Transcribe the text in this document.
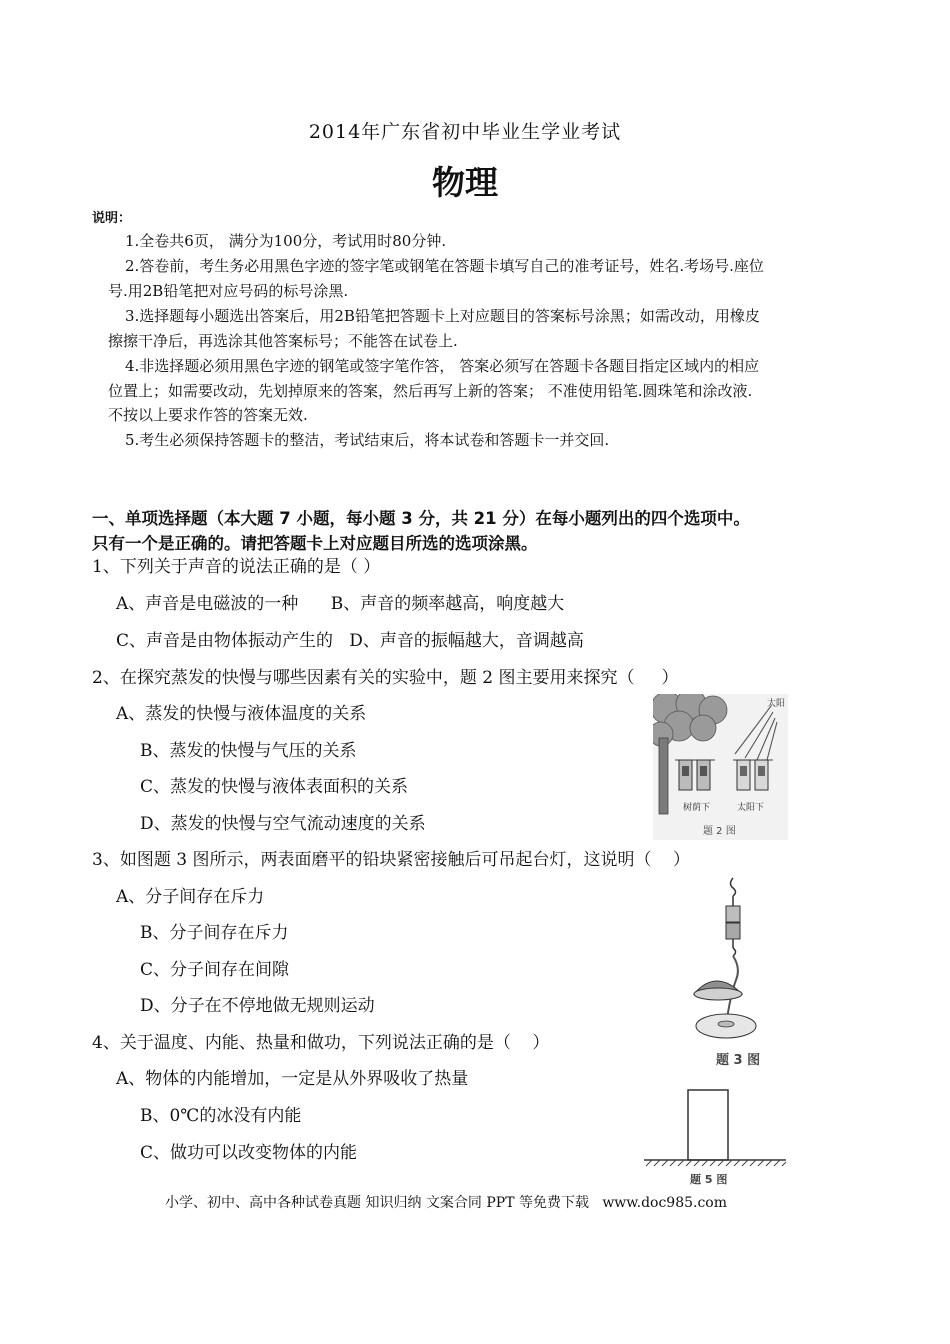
2014年广东省初中毕业生学业考试
物理
说明：
1.全卷共6页， 满分为100分，考试用时80分钟.
2.答卷前，考生务必用黑色字迹的签字笔或钢笔在答题卡填写自己的准考证号，姓名.考场号.座位
号.用2B铅笔把对应号码的标号涂黑.
3.选择题每小题选出答案后，用2B铅笔把答题卡上对应题目的答案标号涂黑；如需改动，用橡皮
擦擦干净后，再选涂其他答案标号；不能答在试卷上.
4.非选择题必须用黑色字迹的钢笔或签字笔作答， 答案必须写在答题卡各题目指定区域内的相应
位置上；如需要改动，先划掉原来的答案，然后再写上新的答案； 不准使用铅笔.圆珠笔和涂改液.
不按以上要求作答的答案无效.
5.考生必须保持答题卡的整洁，考试结束后，将本试卷和答题卡一并交回.
一、单项选择题（本大题 7 小题，每小题 3 分，共 21 分）在每小题列出的四个选项中。
只有一个是正确的。请把答题卡上对应题目所选的选项涂黑。
1、下列关于声音的说法正确的是（ ）
A、声音是电磁波的一种      B、声音的频率越高，响度越大
C、声音是由物体振动产生的   D、声音的振幅越大，音调越高
2、在探究蒸发的快慢与哪些因素有关的实验中，题 2 图主要用来探究（     ）
A、蒸发的快慢与液体温度的关系
B、蒸发的快慢与气压的关系
C、蒸发的快慢与液体表面积的关系
D、蒸发的快慢与空气流动速度的关系
太阳
树荫下	太阳下
题 2 图
3、如图题 3 图所示，两表面磨平的铅块紧密接触后可吊起台灯，这说明（    ）
A、分子间存在斥力
B、分子间存在斥力
C、分子间存在间隙
D、分子在不停地做无规则运动
题 3 图
4、关于温度、内能、热量和做功，下列说法正确的是（    ）
A、物体的内能增加，一定是从外界吸收了热量
B、0℃的冰没有内能
C、做功可以改变物体的内能
题 5 图
小学、初中、高中各种试卷真题 知识归纳 文案合同 PPT 等免费下载   www.doc985.com
